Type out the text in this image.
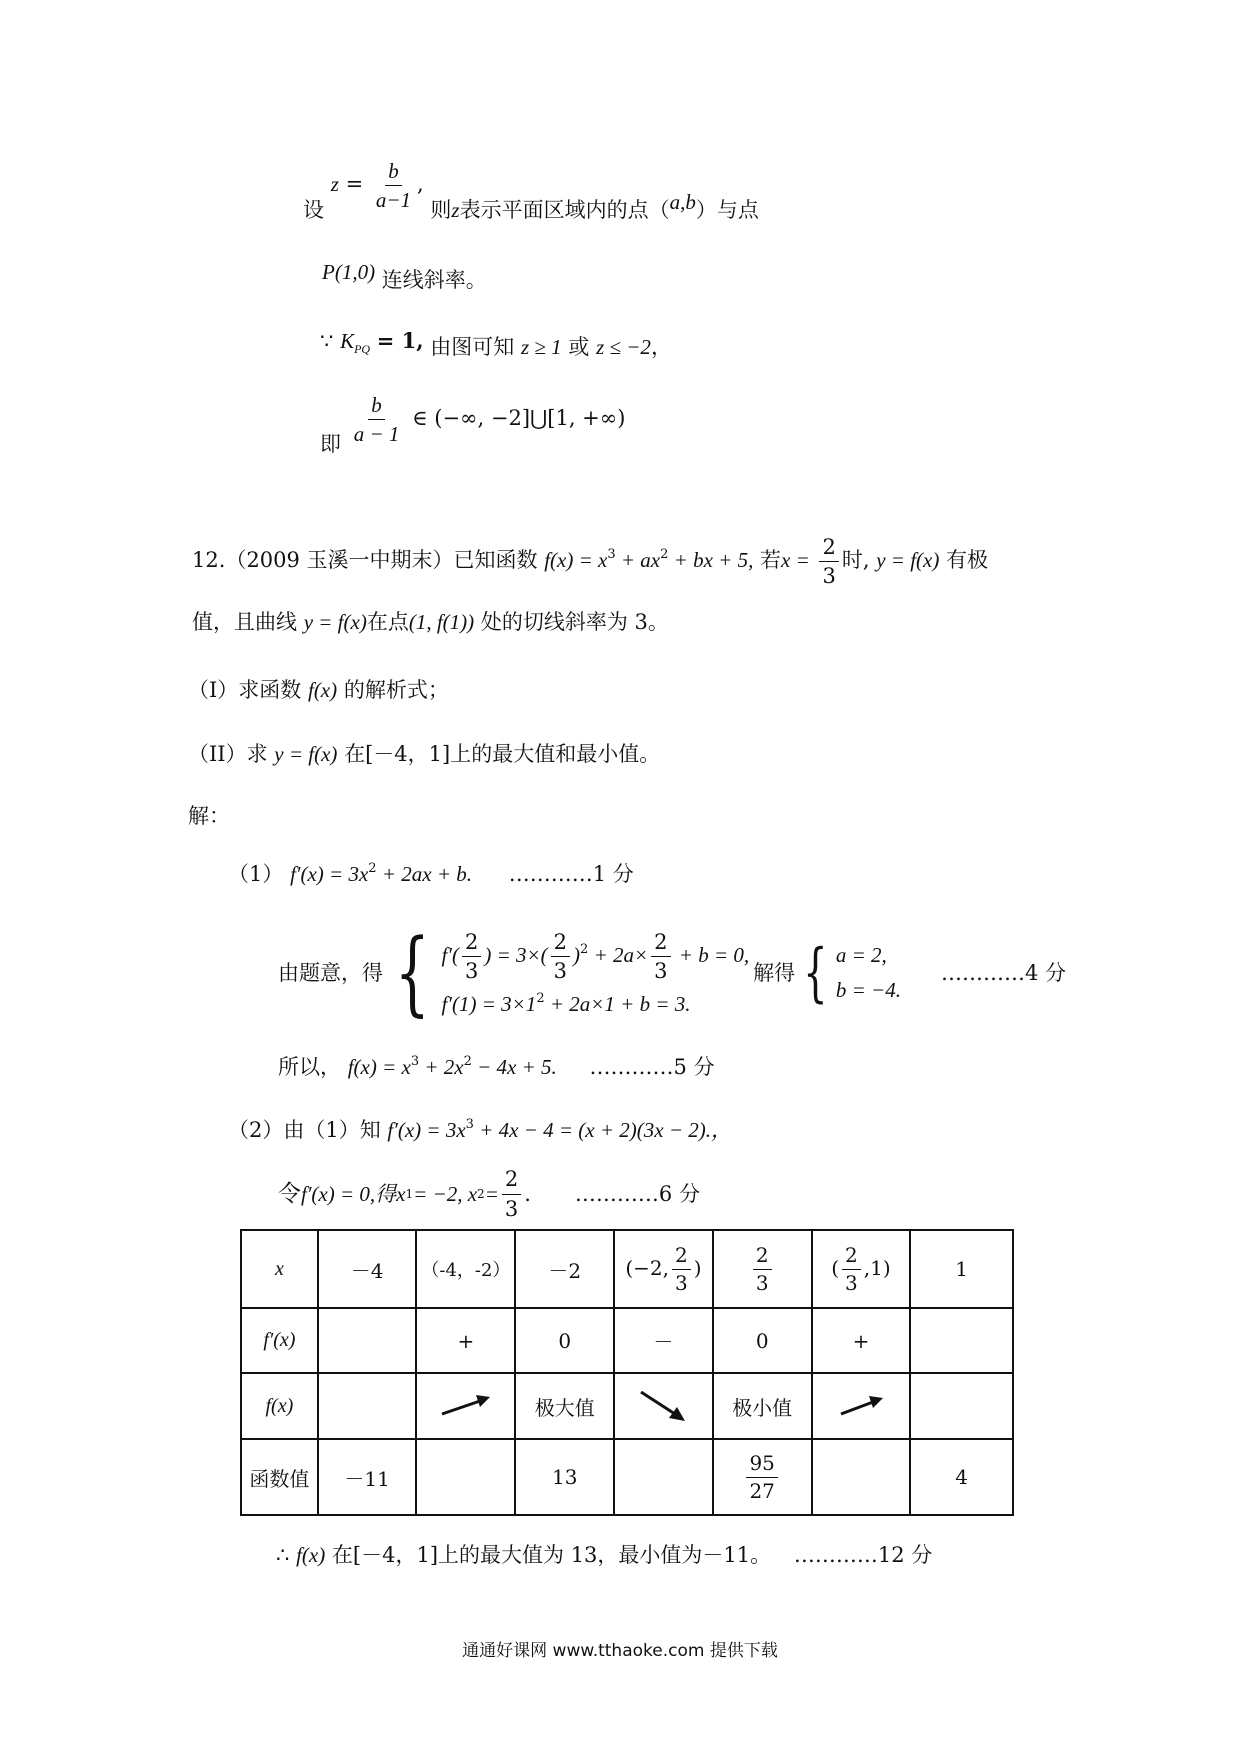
设 $z = \frac{b}{a-1}$ , 则z表示平面区域内的点（a,b）与点
P(1,0) 连线斜率。
∵ $K_{PQ} = 1$, 由图可知 z ≥ 1 或 z ≤ −2，
即 $\frac{b}{a - 1}$ ∈ (−∞, −2]⋃[1, +∞)
12.（2009 玉溪一中期末）已知函数 $f(x) = x^3 + ax^2$ + bx + 5, 若$x = \frac{2}{3}$ 时, y = f(x) 有极
值，且曲线 y = f(x)在点(1, f(1)) 处的切线斜率为 3。
（I）求函数 f(x) 的解析式；
（II）求 y = f(x) 在[－4，1]上的最大值和最小值。
解：
（1） $f'(x) = 3x^2 + 2ax + b$. …………1 分
由题意，得 { $f'( \frac{2}{3}$ ) = $3\times( \frac{2}{3} )^2 + 2a\times \frac{2}{3} + b = 0$,
$f'(1) = 3\times 1^2 + 2a\times 1 + b = 3$.
解得 { a = 2,
b = −4.
…………4 分
所以， $f(x) = x^3 + 2x^2 - 4x + 5$. …………5 分
（2）由（1）知 $f'(x) = 3x^3 + 4x - 4 = (x + 2)(3x - 2)$.，
令 f′(x) = 0,得x 1 = −2, x $2 = \frac{2}{3}$ . …………6 分
x	－4	（-4，-2）	－2	(−2, $\frac{2}{3}$ )	$\frac{2}{3}$	( $\frac{2}{3} ,1$)	1
f′(x)		+	0	－	0	+	
f(x)			极大值		极小值	

函数值	－11		13		$\frac{95}{27}$		4
∴ f(x) 在[－4，1]上的最大值为 13，最小值为－11。 …………12 分
通通好课网 www.tthaoke.com 提供下载
